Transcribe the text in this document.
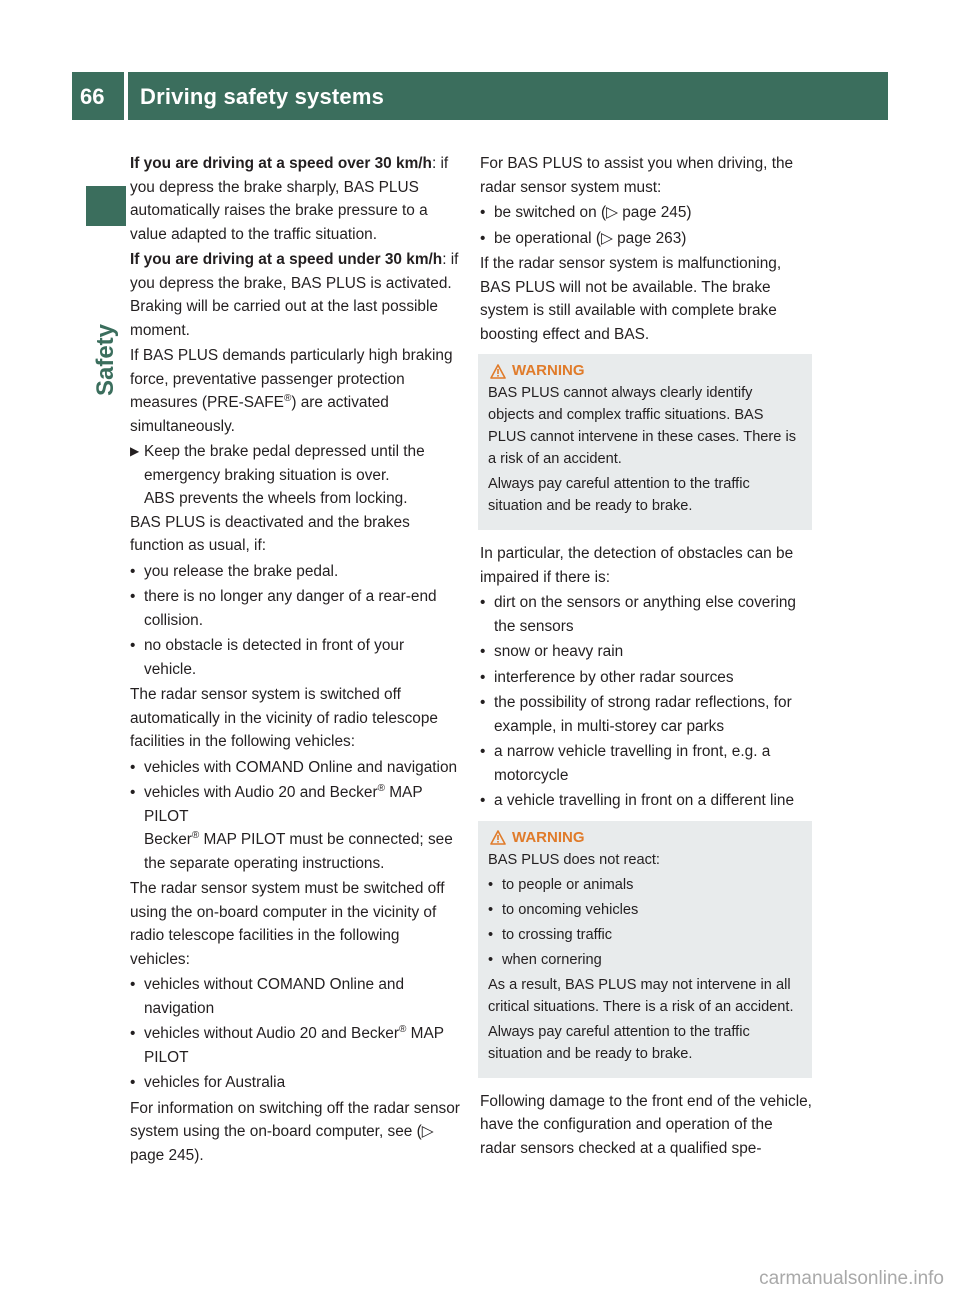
66 Driving safety systems
Safety

If you are driving at a speed over 30 km/h: if you depress the brake sharply, BAS PLUS automatically raises the brake pressure to a value adapted to the traffic situation.

If you are driving at a speed under 30 km/h: if you depress the brake, BAS PLUS is activated. Braking will be carried out at the last possible moment.

If BAS PLUS demands particularly high braking force, preventative passenger protection measures (PRE-SAFE®) are activated simultaneously.

▶ Keep the brake pedal depressed until the emergency braking situation is over.
ABS prevents the wheels from locking.

BAS PLUS is deactivated and the brakes function as usual, if:

• you release the brake pedal.
• there is no longer any danger of a rear-end collision.
• no obstacle is detected in front of your vehicle.

The radar sensor system is switched off automatically in the vicinity of radio telescope facilities in the following vehicles:

• vehicles with COMAND Online and navigation
• vehicles with Audio 20 and Becker® MAP PILOT
Becker® MAP PILOT must be connected; see the separate operating instructions.

The radar sensor system must be switched off using the on-board computer in the vicinity of radio telescope facilities in the following vehicles:

• vehicles without COMAND Online and navigation
• vehicles without Audio 20 and Becker® MAP PILOT
• vehicles for Australia

For information on switching off the radar sensor system using the on-board computer, see (▷ page 245).

For BAS PLUS to assist you when driving, the radar sensor system must:

• be switched on (▷ page 245)
• be operational (▷ page 263)

If the radar sensor system is malfunctioning, BAS PLUS will not be available. The brake system is still available with complete brake boosting effect and BAS.

WARNING

BAS PLUS cannot always clearly identify objects and complex traffic situations. BAS PLUS cannot intervene in these cases. There is a risk of an accident.

Always pay careful attention to the traffic situation and be ready to brake.

In particular, the detection of obstacles can be impaired if there is:

• dirt on the sensors or anything else covering the sensors
• snow or heavy rain
• interference by other radar sources
• the possibility of strong radar reflections, for example, in multi-storey car parks
• a narrow vehicle travelling in front, e.g. a motorcycle
• a vehicle travelling in front on a different line
WARNING

BAS PLUS does not react:

• to people or animals
• to oncoming vehicles
• to crossing traffic
• when cornering

As a result, BAS PLUS may not intervene in all critical situations. There is a risk of an accident.

Always pay careful attention to the traffic situation and be ready to brake.

Following damage to the front end of the vehicle, have the configuration and operation of the radar sensors checked at a qualified spe-

carmanualsonline.info
